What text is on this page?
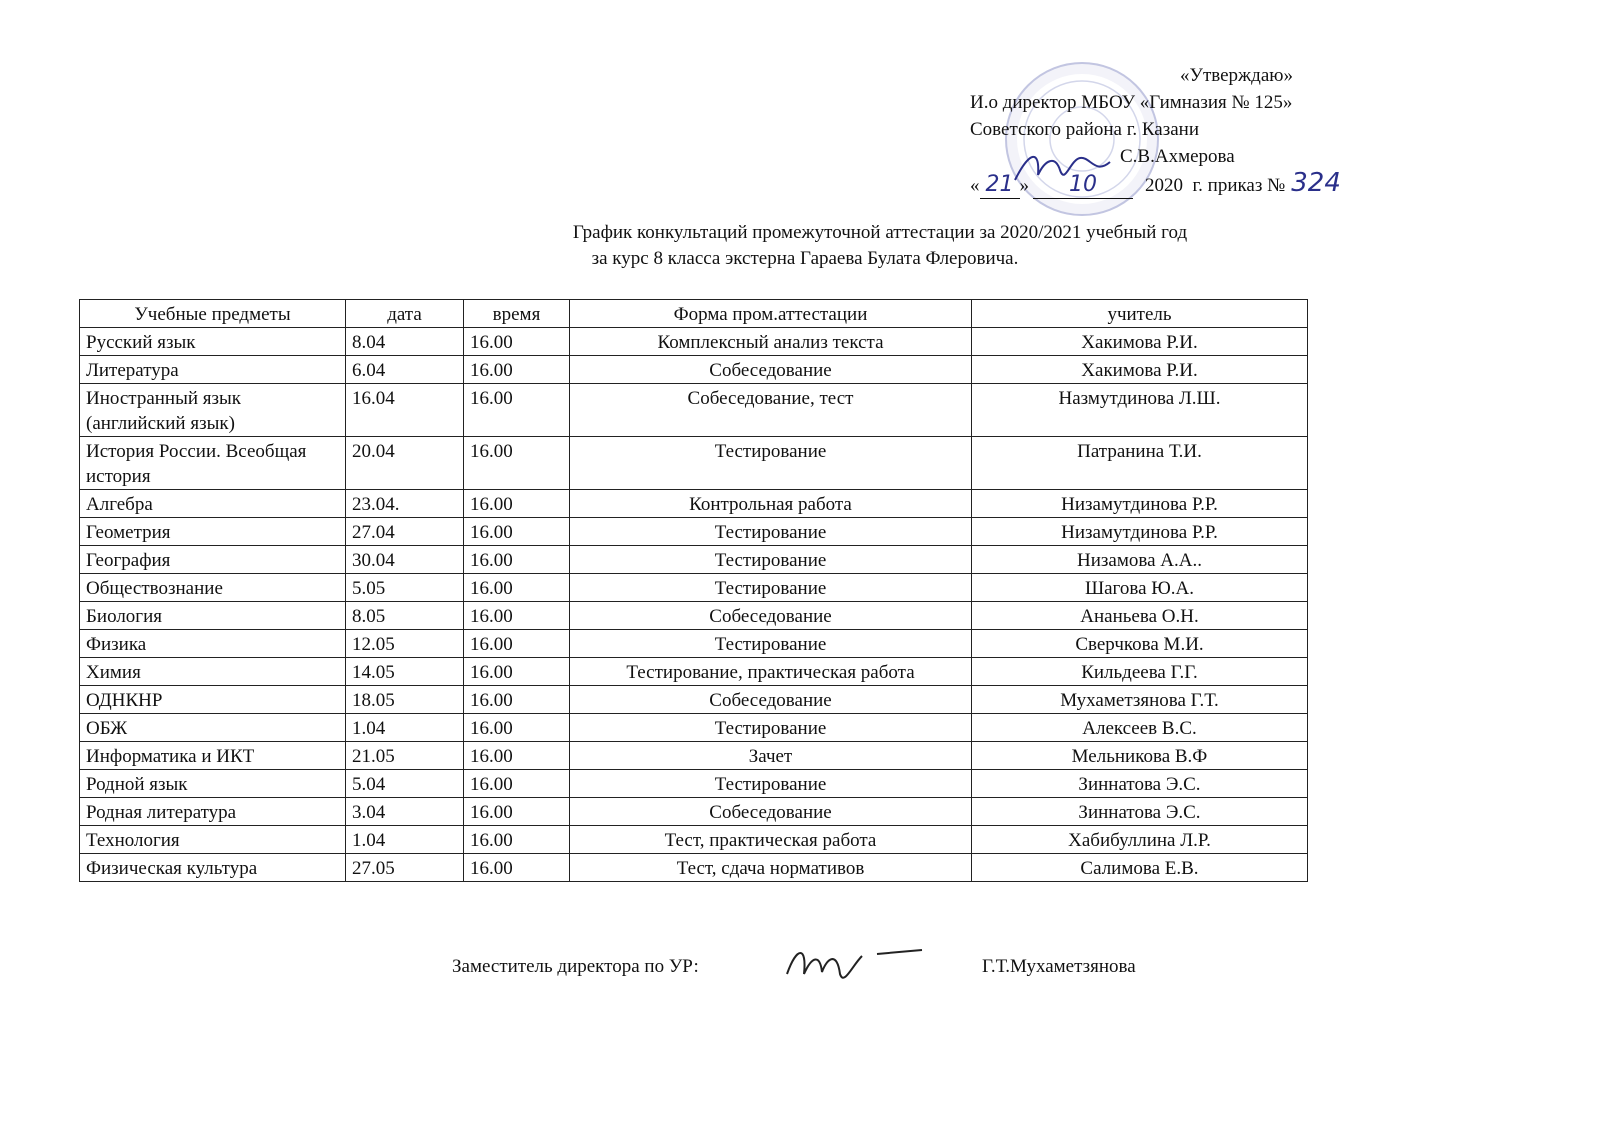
«Утверждаю»
И.о директор МБОУ «Гимназия № 125»
Советского района г. Казани
С.В.Ахмерова
« 21 »	10	2020  г. приказ № 324
График конкультаций промежуточной аттестации за 2020/2021 учебный год
за курс 8 класса экстерна Гараева Булата Флеровича.
Учебные предметы	дата	время	Форма пром.аттестации	учитель
Русский язык	8.04	16.00	Комплексный анализ текста	Хакимова Р.И.
Литература	6.04	16.00	Собеседование	Хакимова Р.И.
Иностранный язык (английский язык)	16.04	16.00	Собеседование, тест	Назмутдинова Л.Ш.
История России. Всеобщая история	20.04	16.00	Тестирование	Патранина Т.И.
Алгебра	23.04.	16.00	Контрольная работа	Низамутдинова Р.Р.
Геометрия	27.04	16.00	Тестирование	Низамутдинова Р.Р.
География	30.04	16.00	Тестирование	Низамова А.А..
Обществознание	5.05	16.00	Тестирование	Шагова Ю.А.
Биология	8.05	16.00	Собеседование	Ананьева О.Н.
Физика	12.05	16.00	Тестирование	Сверчкова М.И.
Химия	14.05	16.00	Тестирование, практическая работа	Кильдеева Г.Г.
ОДНКНР	18.05	16.00	Собеседование	Мухаметзянова Г.Т.
ОБЖ	1.04	16.00	Тестирование	Алексеев В.С.
Информатика и ИКТ	21.05	16.00	Зачет	Мельникова В.Ф
Родной язык	5.04	16.00	Тестирование	Зиннатова Э.С.
Родная литература	3.04	16.00	Собеседование	Зиннатова Э.С.
Технология	1.04	16.00	Тест, практическая работа	Хабибуллина Л.Р.
Физическая культура	27.05	16.00	Тест, сдача нормативов	Салимова Е.В.
Заместитель директора по УР:	Г.Т.Мухаметзянова
